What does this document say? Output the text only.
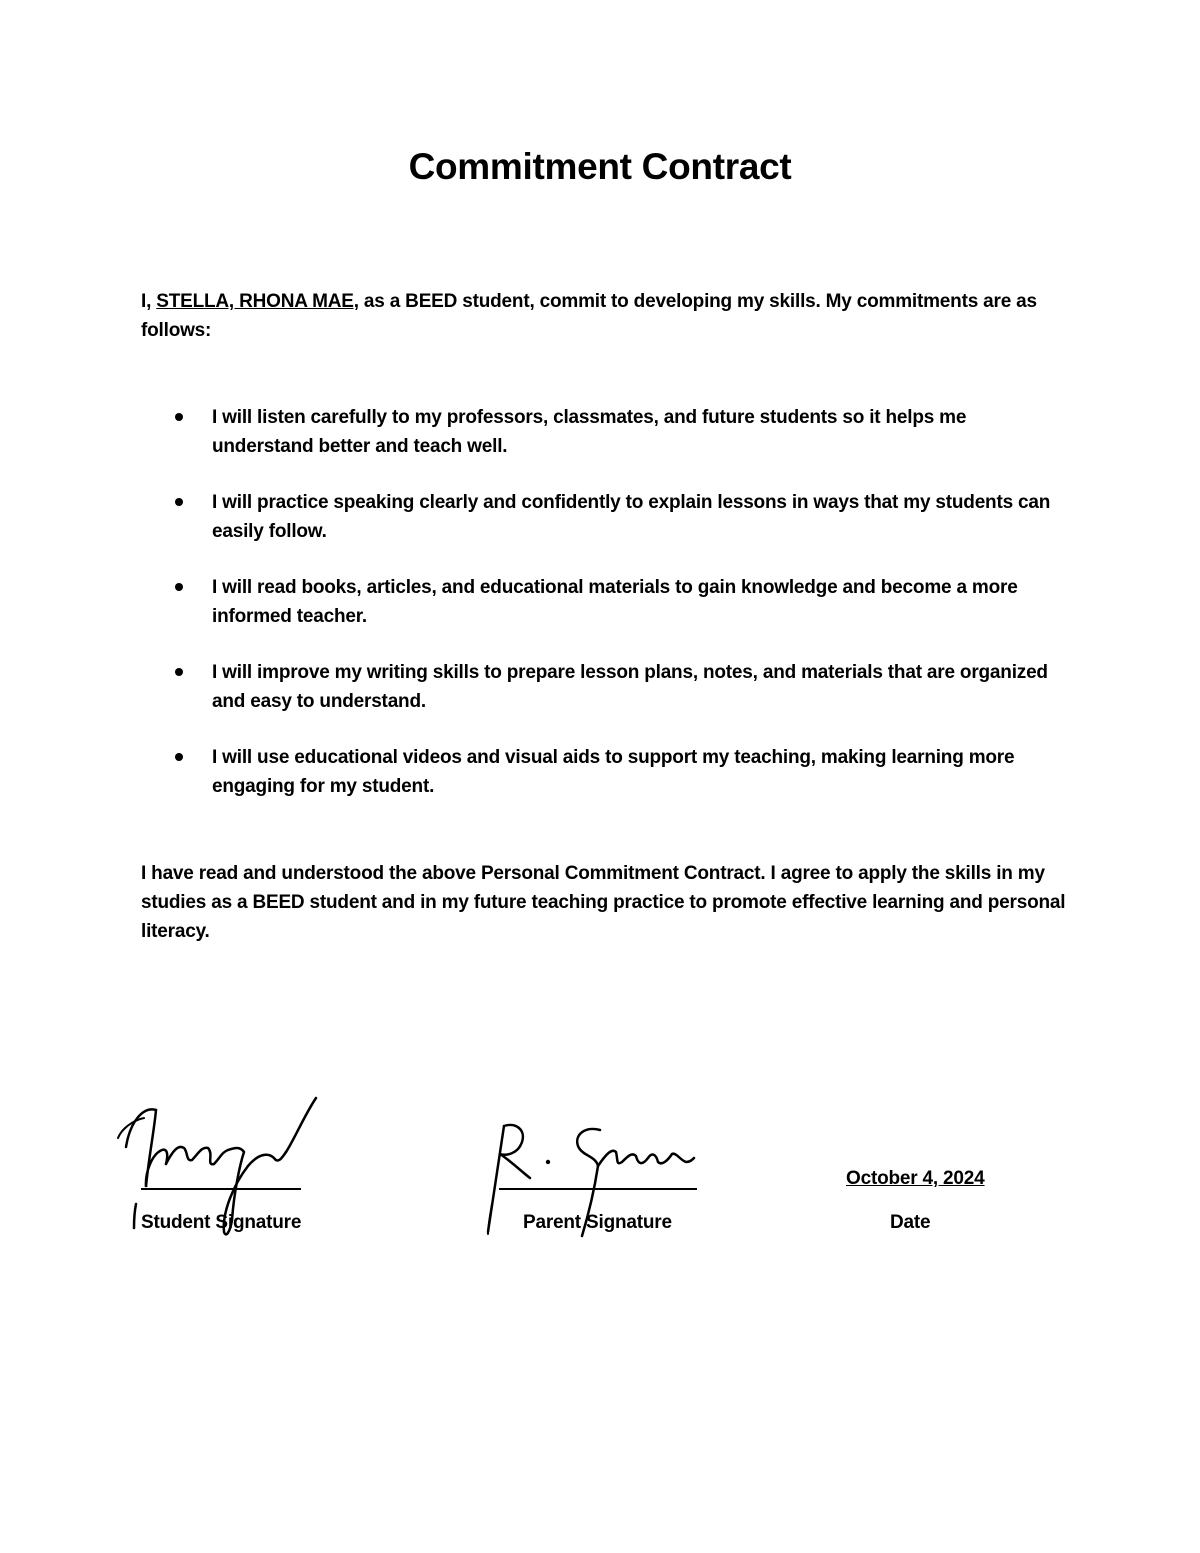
Commitment Contract

I, STELLA, RHONA MAE, as a BEED student, commit to developing my skills. My commitments are as follows:

I will listen carefully to my professors, classmates, and future students so it helps me understand better and teach well.
I will practice speaking clearly and confidently to explain lessons in ways that my students can easily follow.
I will read books, articles, and educational materials to gain knowledge and become a more informed teacher.
I will improve my writing skills to prepare lesson plans, notes, and materials that are organized and easy to understand.
I will use educational videos and visual aids to support my teaching, making learning more engaging for my student.

I have read and understood the above Personal Commitment Contract. I agree to apply the skills in my studies as a BEED student and in my future teaching practice to promote effective learning and personal literacy.

Student Signature	Parent Signature
October 4, 2024
Date
